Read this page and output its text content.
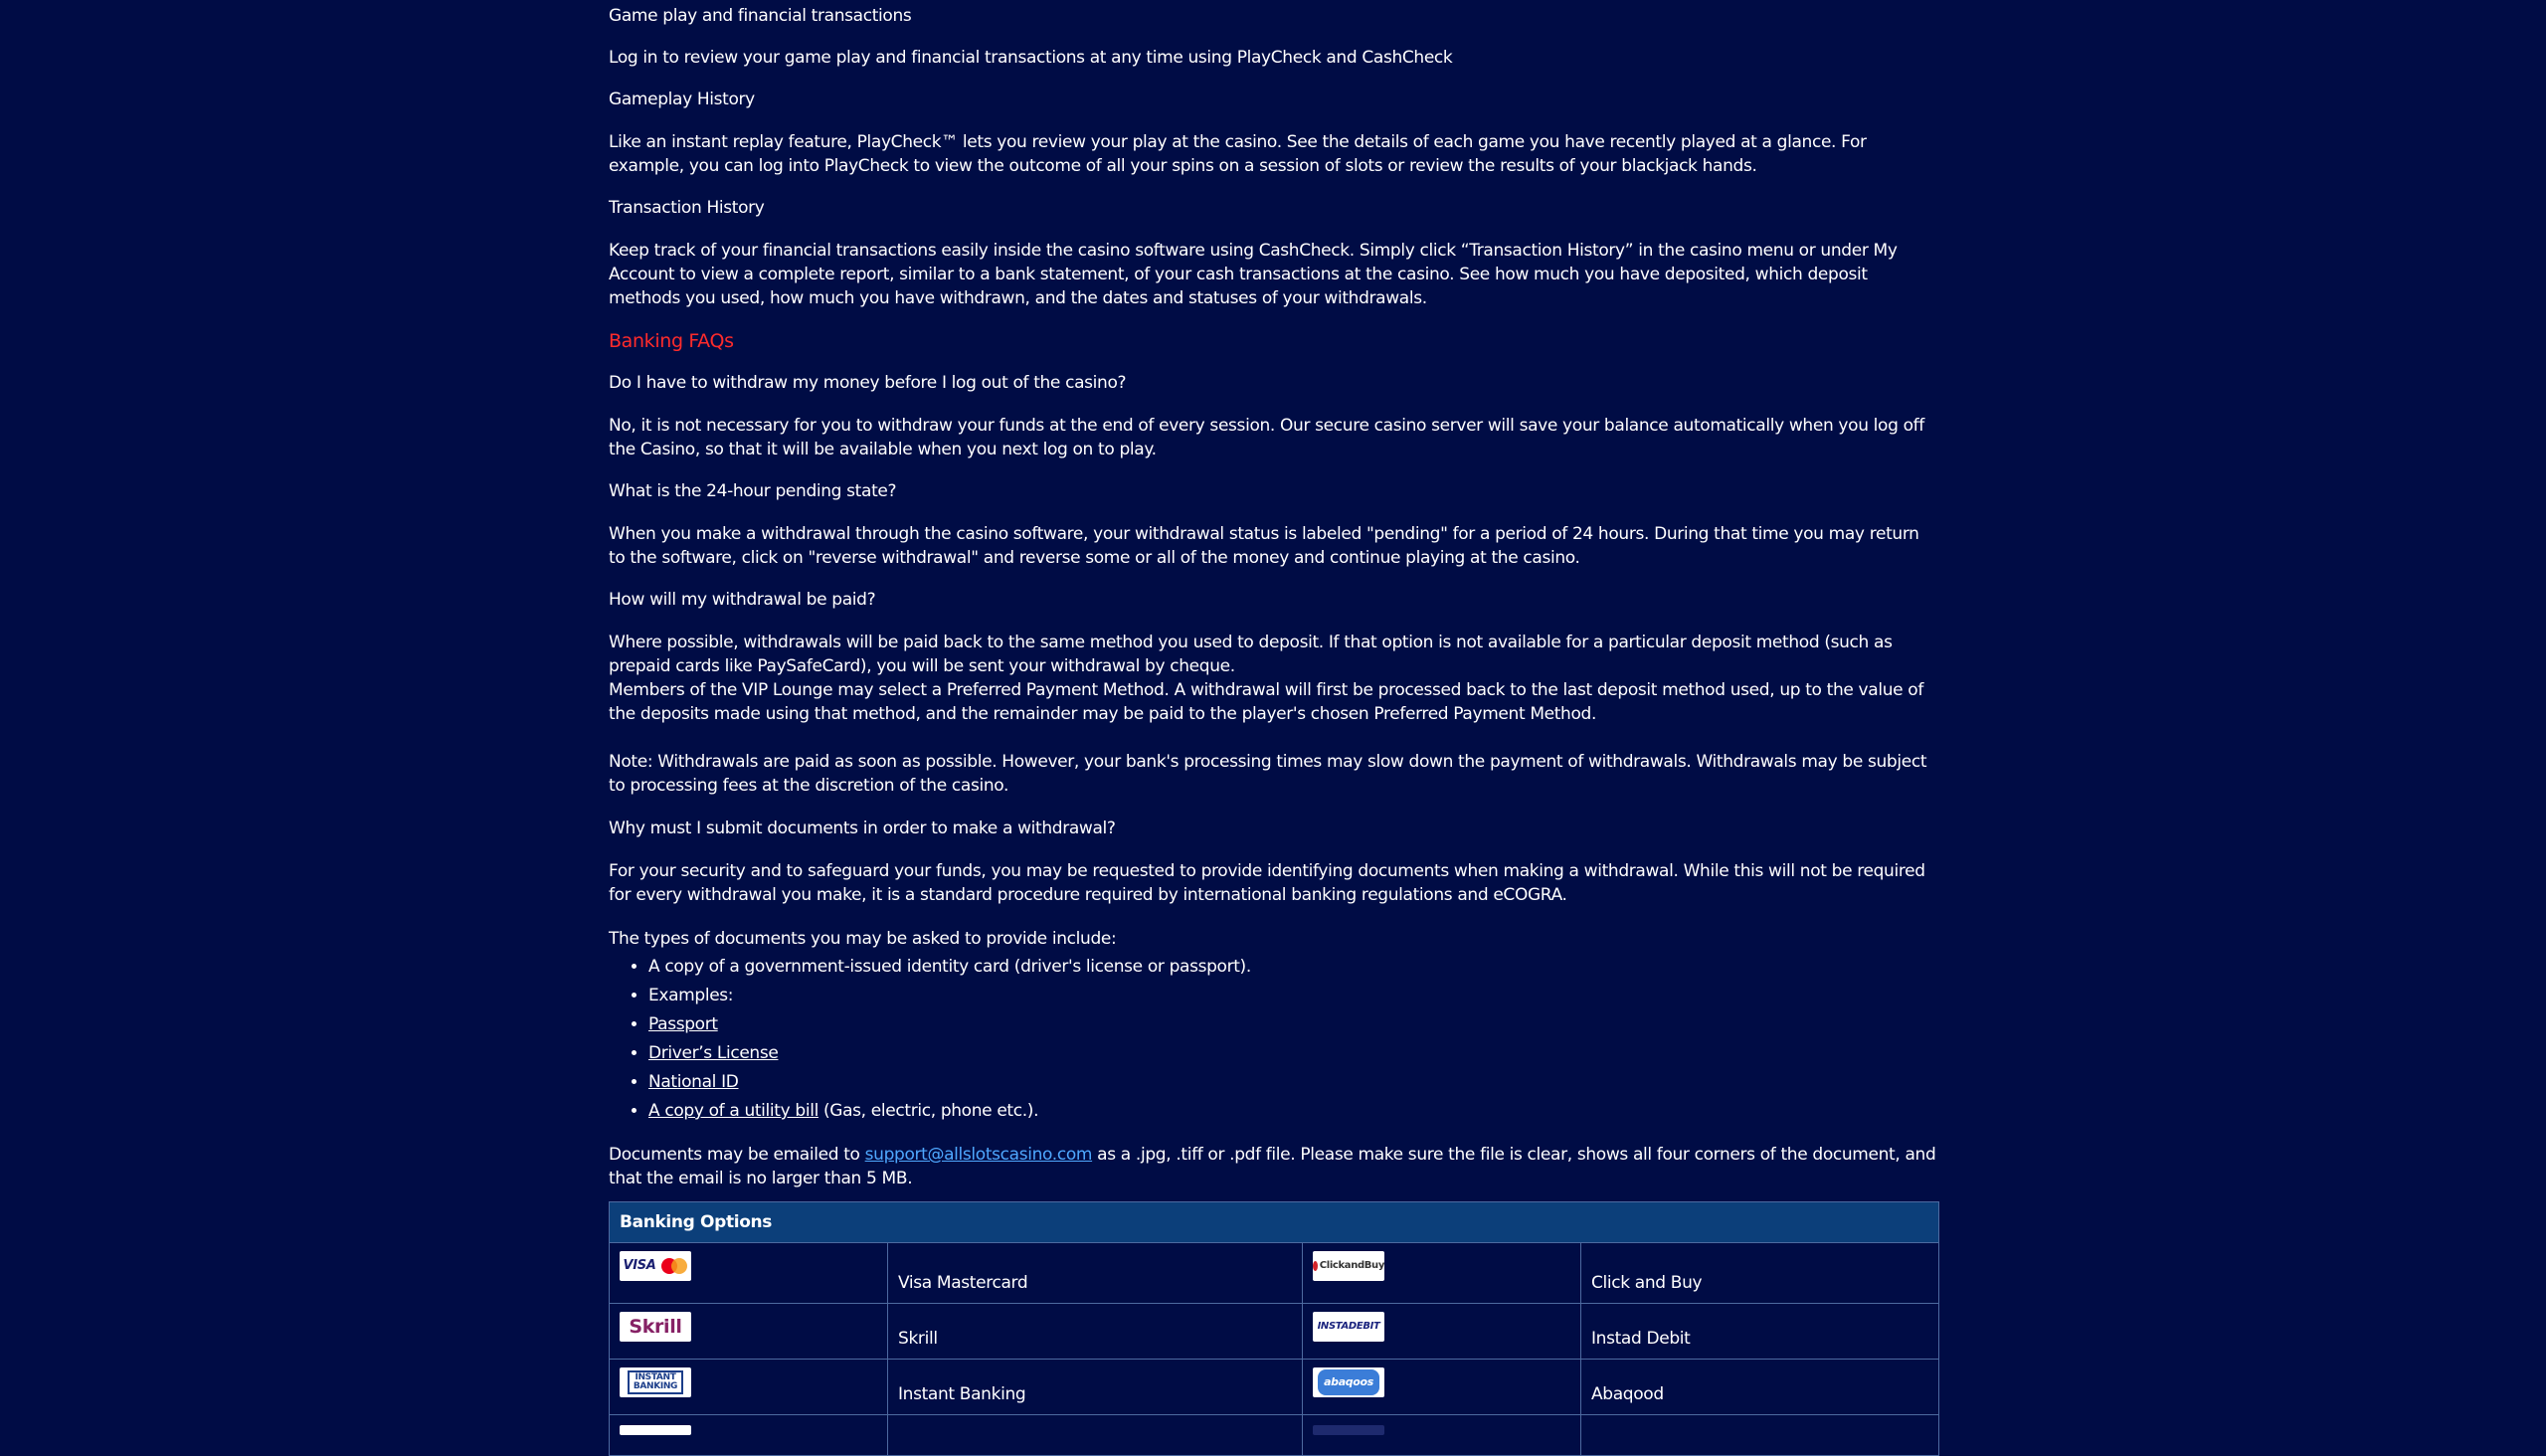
Game play and financial transactions

Log in to review your game play and financial transactions at any time using PlayCheck and CashCheck

Gameplay History

Like an instant replay feature, PlayCheck™ lets you review your play at the casino. See the details of each game you have recently played at a glance. For example, you can log into PlayCheck to view the outcome of all your spins on a session of slots or review the results of your blackjack hands.

Transaction History

Keep track of your financial transactions easily inside the casino software using CashCheck. Simply click “Transaction History” in the casino menu or under My Account to view a complete report, similar to a bank statement, of your cash transactions at the casino. See how much you have deposited, which deposit methods you used, how much you have withdrawn, and the dates and statuses of your withdrawals.

Banking FAQs

Do I have to withdraw my money before I log out of the casino?

No, it is not necessary for you to withdraw your funds at the end of every session. Our secure casino server will save your balance automatically when you log off the Casino, so that it will be available when you next log on to play.

What is the 24-hour pending state?

When you make a withdrawal through the casino software, your withdrawal status is labeled "pending" for a period of 24 hours. During that time you may return to the software, click on "reverse withdrawal" and reverse some or all of the money and continue playing at the casino.

How will my withdrawal be paid?

Where possible, withdrawals will be paid back to the same method you used to deposit. If that option is not available for a particular deposit method (such as prepaid cards like PaySafeCard), you will be sent your withdrawal by cheque.

Members of the VIP Lounge may select a Preferred Payment Method. A withdrawal will first be processed back to the last deposit method used, up to the value of the deposits made using that method, and the remainder may be paid to the player's chosen Preferred Payment Method.

Note: Withdrawals are paid as soon as possible. However, your bank's processing times may slow down the payment of withdrawals. Withdrawals may be subject to processing fees at the discretion of the casino.

Why must I submit documents in order to make a withdrawal?

For your security and to safeguard your funds, you may be requested to provide identifying documents when making a withdrawal. While this will not be required for every withdrawal you make, it is a standard procedure required by international banking regulations and eCOGRA.

The types of documents you may be asked to provide include:

• A copy of a government-issued identity card (driver's license or passport).
• Examples:
• Passport
• Driver’s License
• National ID
• A copy of a utility bill (Gas, electric, phone etc.).

Documents may be emailed to support@allslotscasino.com as a .jpg, .tiff or .pdf file. Please make sure the file is clear, shows all four corners of the document, and that the email is no larger than 5 MB.

Banking Options
VISA
Visa Mastercard
ClickandBuy
Click and Buy
Skrill
Skrill
INSTADEBIT
Instad Debit
INSTANT BANKING	Instant Banking
abaqoos
Abaqood
